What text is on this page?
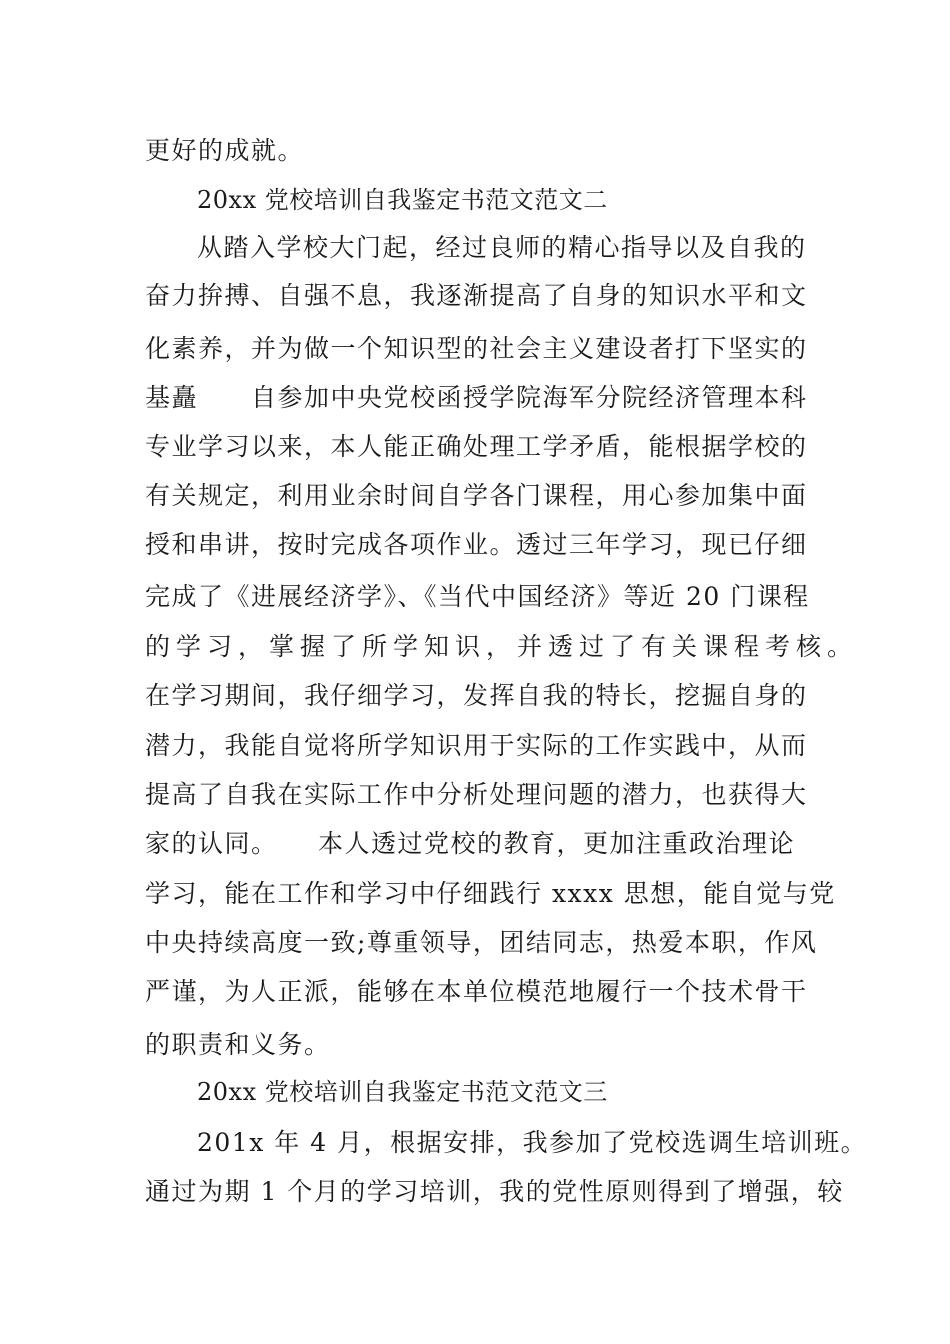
更好的成就。
20xx 党校培训自我鉴定书范文范文二
从踏入学校大门起，经过良师的精心指导以及自我的
奋力拚搏、自强不息，我逐渐提高了自身的知识水平和文
化素养，并为做一个知识型的社会主义建设者打下坚实的
基矗　　自参加中央党校函授学院海军分院经济管理本科
专业学习以来，本人能正确处理工学矛盾，能根据学校的
有关规定，利用业余时间自学各门课程，用心参加集中面
授和串讲，按时完成各项作业。透过三年学习，现已仔细
完成了《进展经济学》、《当代中国经济》等近 20 门课程
的学习，掌握了所学知识，并透过了有关课程考核。
在学习期间，我仔细学习，发挥自我的特长，挖掘自身的
潜力，我能自觉将所学知识用于实际的工作实践中，从而
提高了自我在实际工作中分析处理问题的潜力，也获得大
家的认同。　　本人透过党校的教育，更加注重政治理论
学习，能在工作和学习中仔细践行 xxxx 思想，能自觉与党
中央持续高度一致;尊重领导，团结同志，热爱本职，作风
严谨，为人正派，能够在本单位模范地履行一个技术骨干
的职责和义务。
20xx 党校培训自我鉴定书范文范文三
201x 年 4 月，根据安排，我参加了党校选调生培训班。
通过为期 1 个月的学习培训，我的党性原则得到了增强，较
